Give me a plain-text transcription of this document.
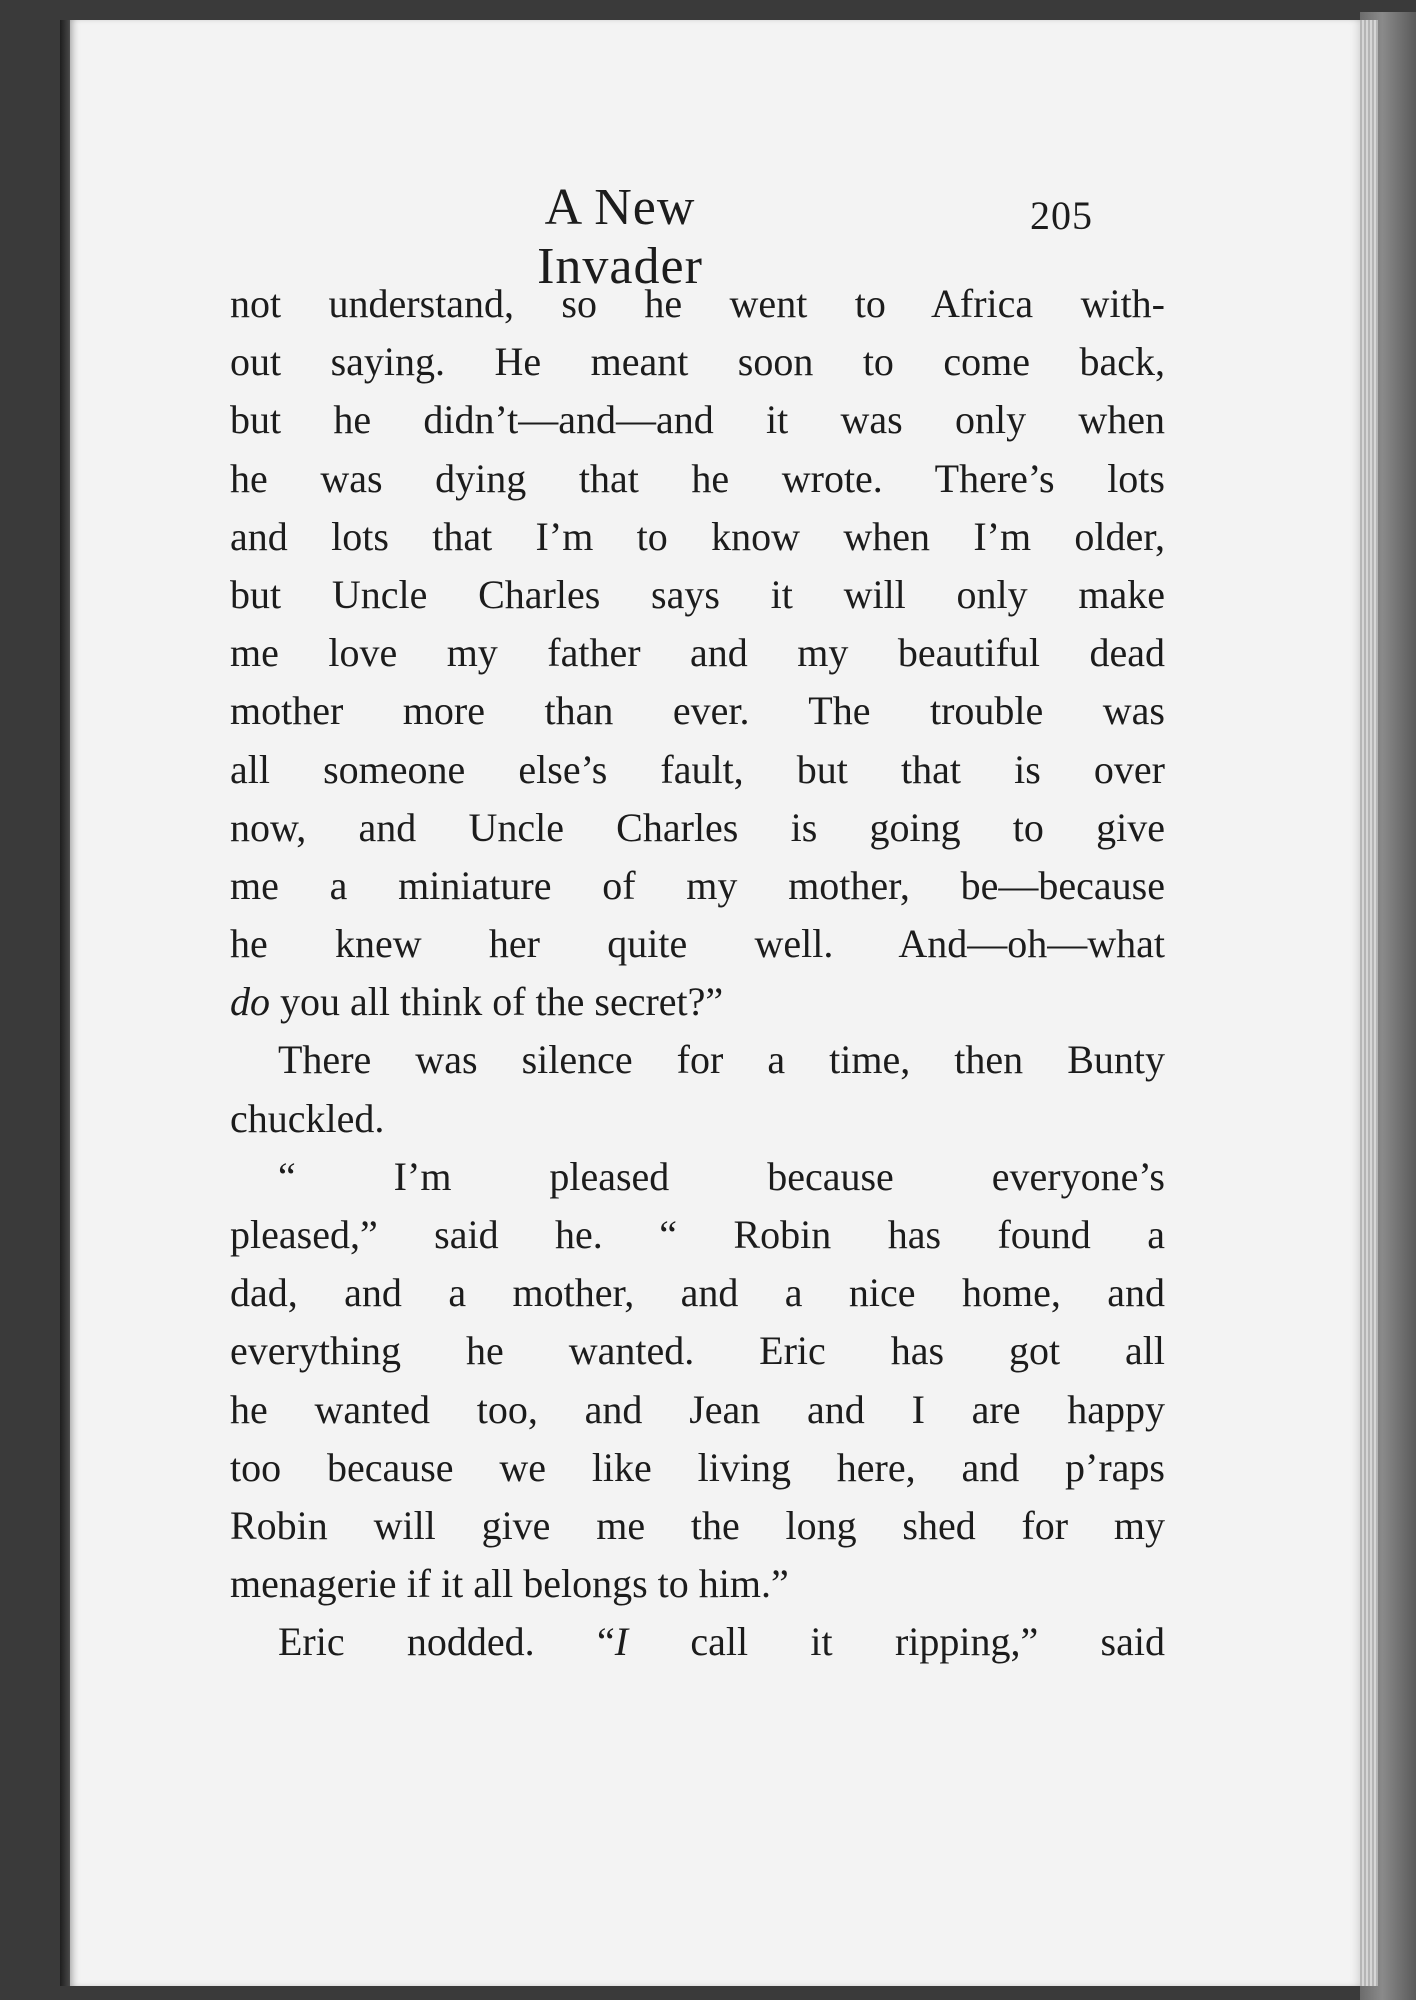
A New Invader
205
not understand, so he went to Africa with-
out saying. He meant soon to come back,
but he didn’t—and—and it was only when
he was dying that he wrote. There’s lots
and lots that I’m to know when I’m older,
but Uncle Charles says it will only make
me love my father and my beautiful dead
mother more than ever. The trouble was
all someone else’s fault, but that is over
now, and Uncle Charles is going to give
me a miniature of my mother, be—because
he knew her quite well. And—oh—what
do you all think of the secret?”
There was silence for a time, then Bunty
chuckled.
“ I’m pleased because everyone’s
pleased,” said he. “ Robin has found a
dad, and a mother, and a nice home, and
everything he wanted. Eric has got all
he wanted too, and Jean and I are happy
too because we like living here, and p’raps
Robin will give me the long shed for my
menagerie if it all belongs to him.”
Eric nodded. “I call it ripping,” said
